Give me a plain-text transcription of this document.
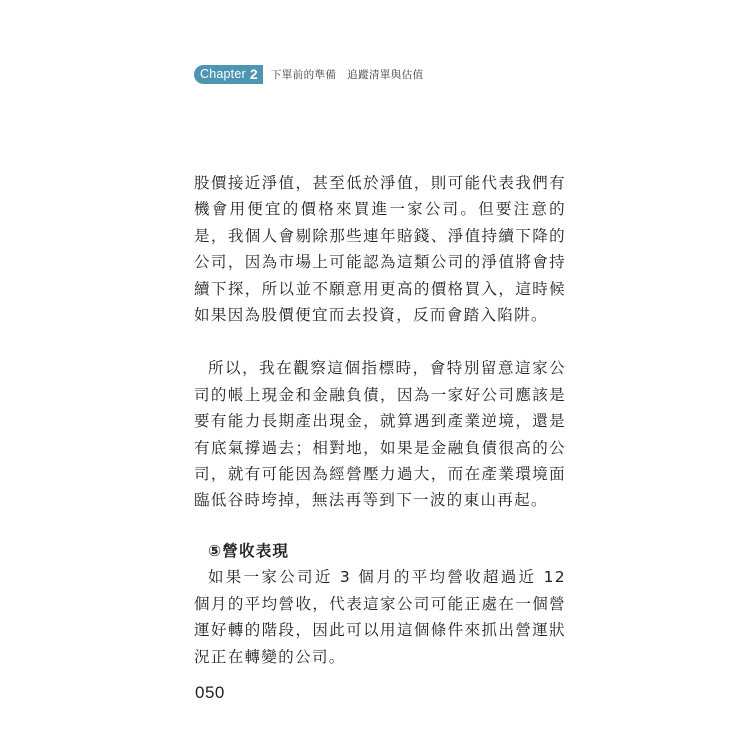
Chapter 2 下單前的準備　追蹤清單與估值

股價接近淨值，甚至低於淨值，則可能代表我們有機會用便宜的價格來買進一家公司。但要注意的是，我個人會剔除那些連年賠錢、淨值持續下降的公司，因為市場上可能認為這類公司的淨值將會持續下探，所以並不願意用更高的價格買入，這時候如果因為股價便宜而去投資，反而會踏入陷阱。

所以，我在觀察這個指標時，會特別留意這家公司的帳上現金和金融負債，因為一家好公司應該是要有能力長期產出現金，就算遇到產業逆境，還是有底氣撐過去；相對地，如果是金融負債很高的公司，就有可能因為經營壓力過大，而在產業環境面臨低谷時垮掉，無法再等到下一波的東山再起。

⑤營收表現

如果一家公司近 3 個月的平均營收超過近 12 個月的平均營收，代表這家公司可能正處在一個營運好轉的階段，因此可以用這個條件來抓出營運狀況正在轉變的公司。

050
